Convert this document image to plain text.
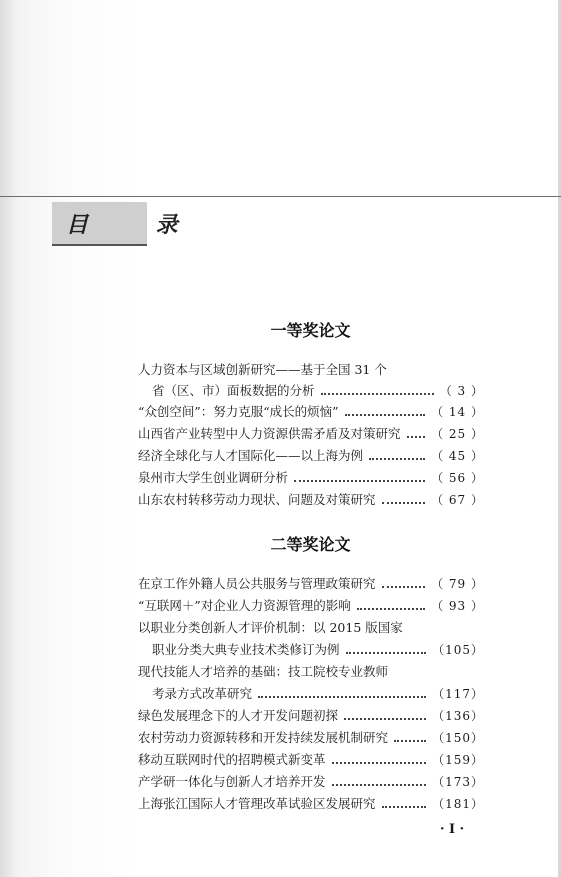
目 录
一等奖论文
人力资本与区域创新研究——基于全国 31 个
省（区、市）面板数据的分析	（ 3 ）
“众创空间”：努力克服“成长的烦恼”	（ 14 ）
山西省产业转型中人力资源供需矛盾及对策研究	（ 25 ）
经济全球化与人才国际化——以上海为例	（ 45 ）
泉州市大学生创业调研分析	（ 56 ）
山东农村转移劳动力现状、问题及对策研究	（ 67 ）
二等奖论文
在京工作外籍人员公共服务与管理政策研究	（ 79 ）
“互联网＋”对企业人力资源管理的影响	（ 93 ）
以职业分类创新人才评价机制：以 2015 版国家
职业分类大典专业技术类修订为例	（105）
现代技能人才培养的基础：技工院校专业教师
考录方式改革研究	（117）
绿色发展理念下的人才开发问题初探	（136）
农村劳动力资源转移和开发持续发展机制研究	（150）
移动互联网时代的招聘模式新变革	（159）
产学研一体化与创新人才培养开发	（173）
上海张江国际人才管理改革试验区发展研究	（181）
· I ·
